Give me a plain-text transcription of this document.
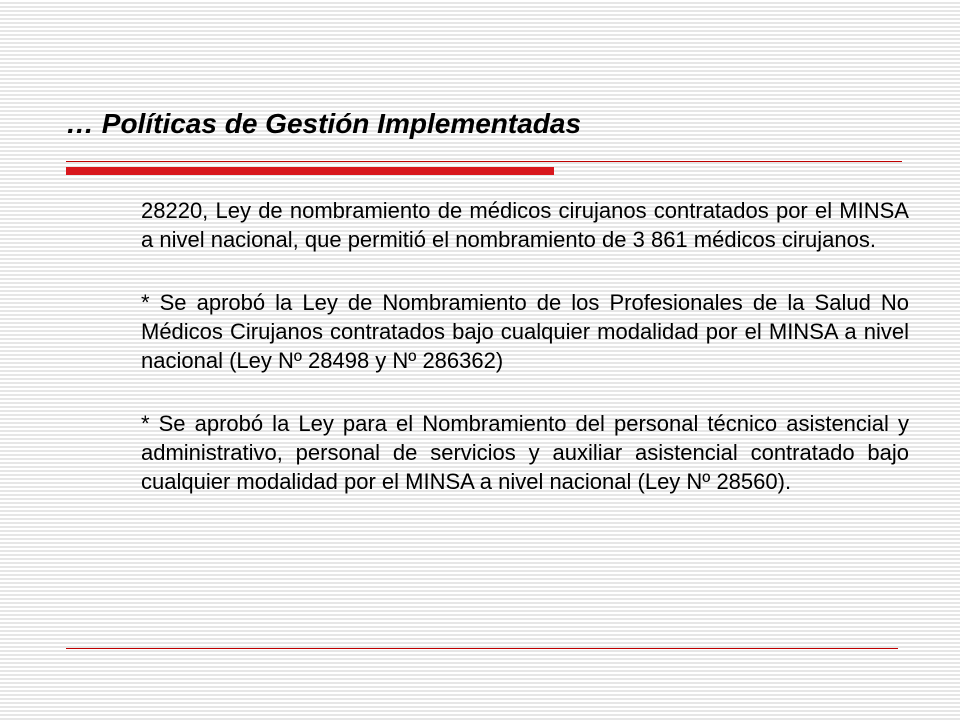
… Políticas de Gestión Implementadas

28220, Ley de nombramiento de médicos cirujanos contratados por el MINSA a nivel nacional, que permitió el nombramiento de 3 861 médicos cirujanos.

* Se aprobó la Ley de Nombramiento de los Profesionales de la Salud No Médicos Cirujanos contratados bajo cualquier modalidad por el MINSA a nivel nacional (Ley Nº 28498 y Nº 286362)

* Se aprobó la Ley para el Nombramiento del personal técnico asistencial y administrativo, personal de servicios y auxiliar asistencial contratado bajo cualquier modalidad por el MINSA a nivel nacional (Ley Nº 28560).
